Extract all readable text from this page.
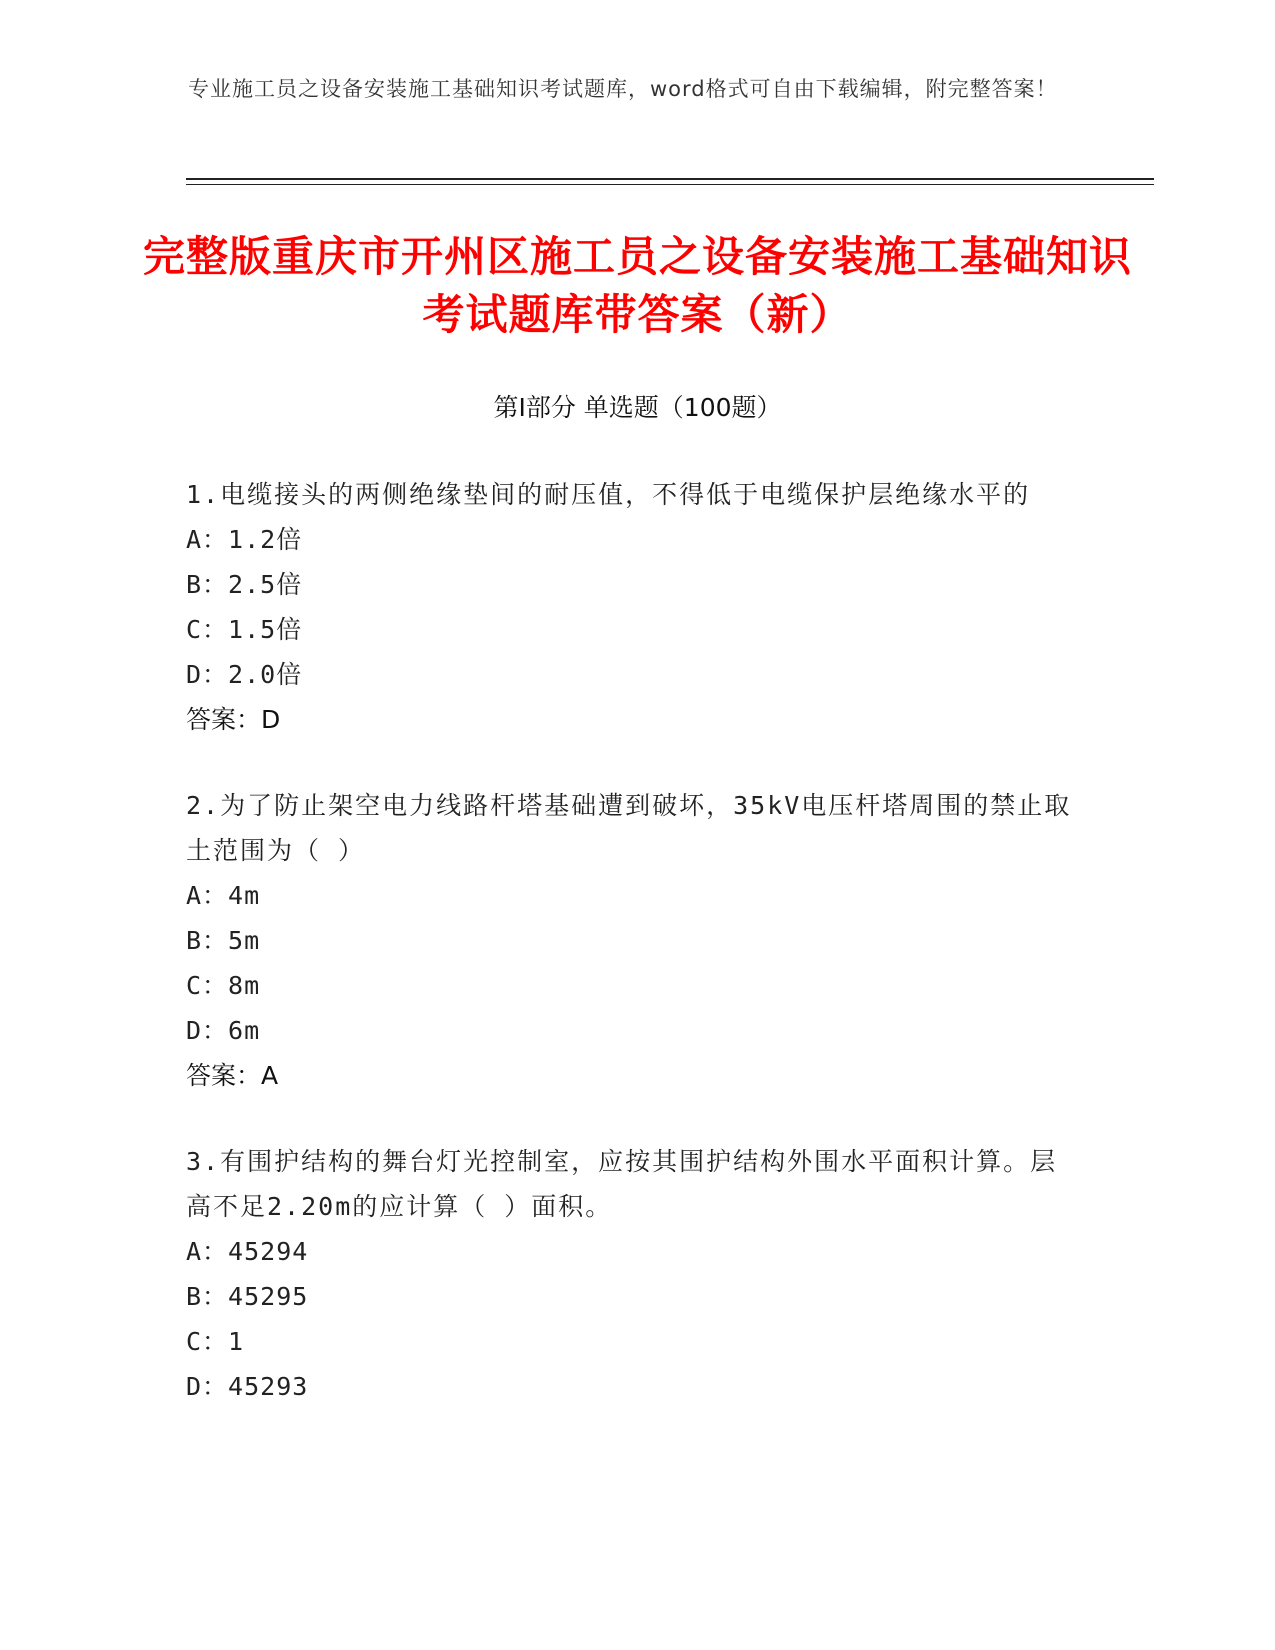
专业施工员之设备安装施工基础知识考试题库，word格式可自由下载编辑，附完整答案！
完整版重庆市开州区施工员之设备安装施工基础知识考试题库带答案（新）
第Ⅰ部分 单选题（100题）
1.电缆接头的两侧绝缘垫间的耐压值，不得低于电缆保护层绝缘水平的
A：1.2倍
B：2.5倍
C：1.5倍
D：2.0倍
答案：D
2.为了防止架空电力线路杆塔基础遭到破坏，35kV电压杆塔周围的禁止取土范围为（ ）
A：4m
B：5m
C：8m
D：6m
答案：A
3.有围护结构的舞台灯光控制室，应按其围护结构外围水平面积计算。层高不足2.20m的应计算（ ）面积。
A：45294
B：45295
C：1
D：45293
